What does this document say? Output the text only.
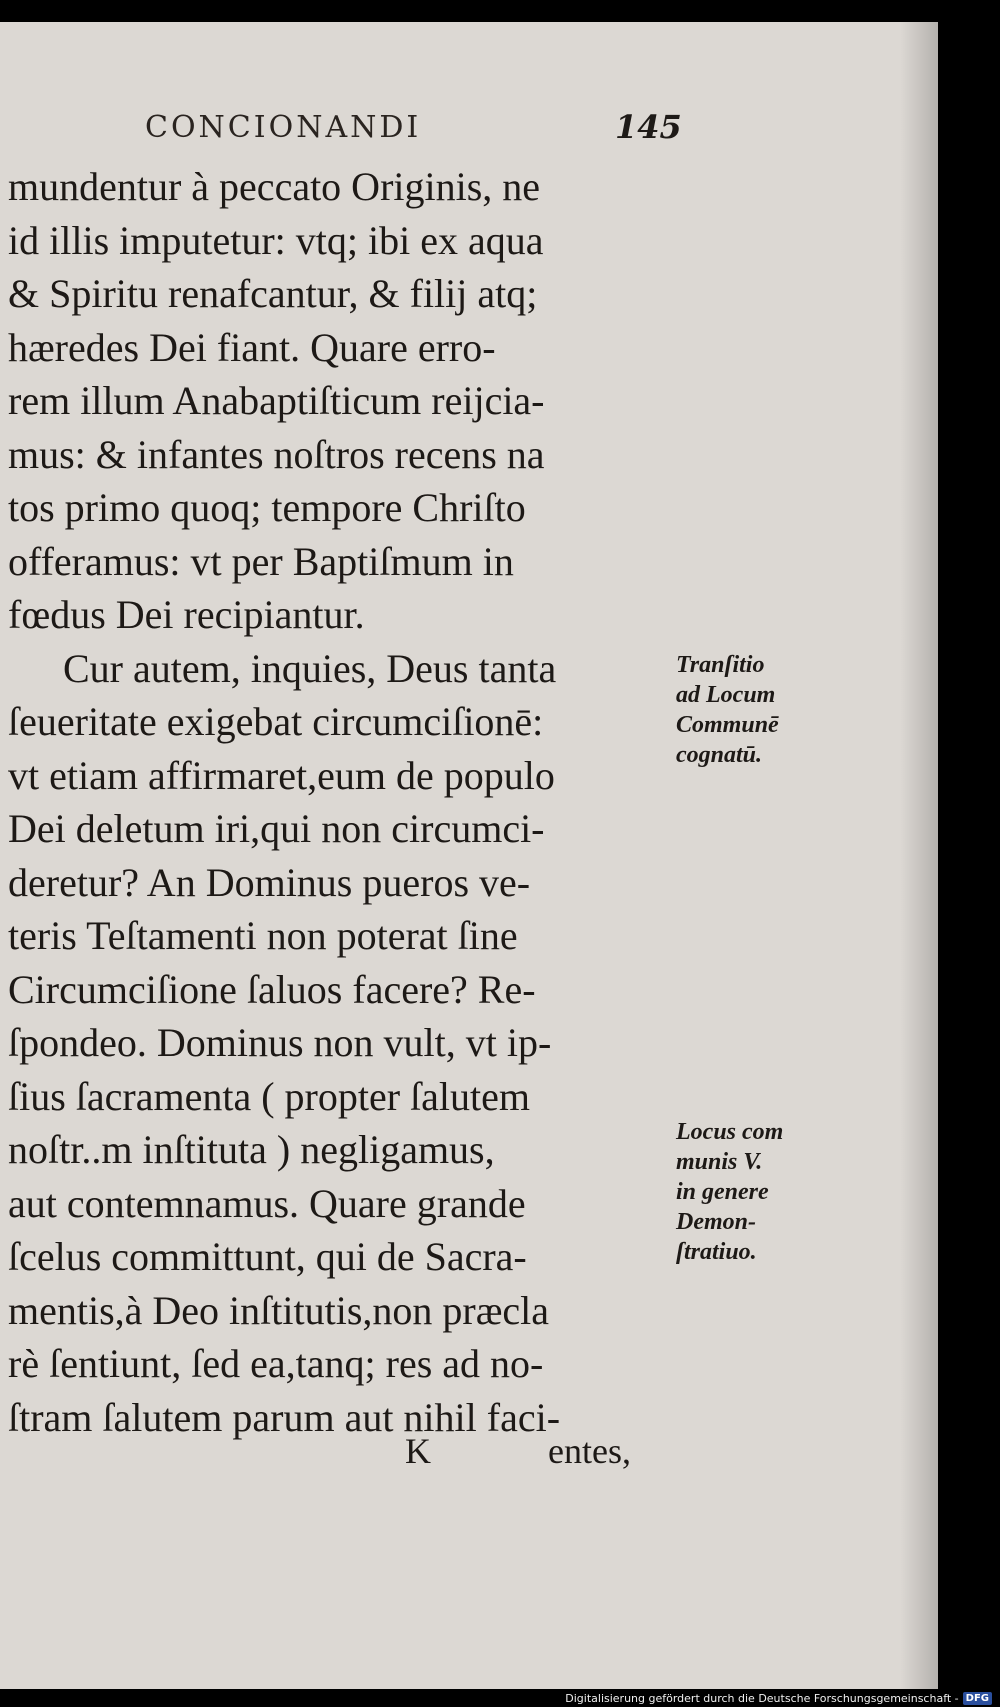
CONCIONANDI	145
mundentur à peccato Originis, ne
id illis imputetur: vtq; ibi ex aqua
& Spiritu renafcantur, & filij atq;
hæredes Dei fiant. Quare erro-
rem illum Anabaptiſticum reijcia-
mus: & infantes noſtros recens na
tos primo quoq; tempore Chriſto
offeramus: vt per Baptiſmum in
fœdus Dei recipiantur.
Cur autem, inquies, Deus tanta
ſeueritate exigebat circumciſionē:
vt etiam affirmaret,eum de populo
Dei deletum iri,qui non circumci-
deretur? An Dominus pueros ve-
teris Teſtamenti non poterat ſine
Circumciſione ſaluos facere? Re-
ſpondeo. Dominus non vult, vt ip-
ſius ſacramenta ( propter ſalutem
noſtr..m inſtituta ) negligamus,
aut contemnamus. Quare grande
ſcelus committunt, qui de Sacra-
mentis,à Deo inſtitutis,non præcla
rè ſentiunt, ſed ea,tanq; res ad no-
ſtram ſalutem parum aut nihil faci-
Tranſitio
ad Locum
Communē
cognatū.
Locus com
munis V.
in genere
Demon-
ſtratiuo.
K	entes,
Digitalisierung gefördert durch die Deutsche Forschungsgemeinschaft - DFG
